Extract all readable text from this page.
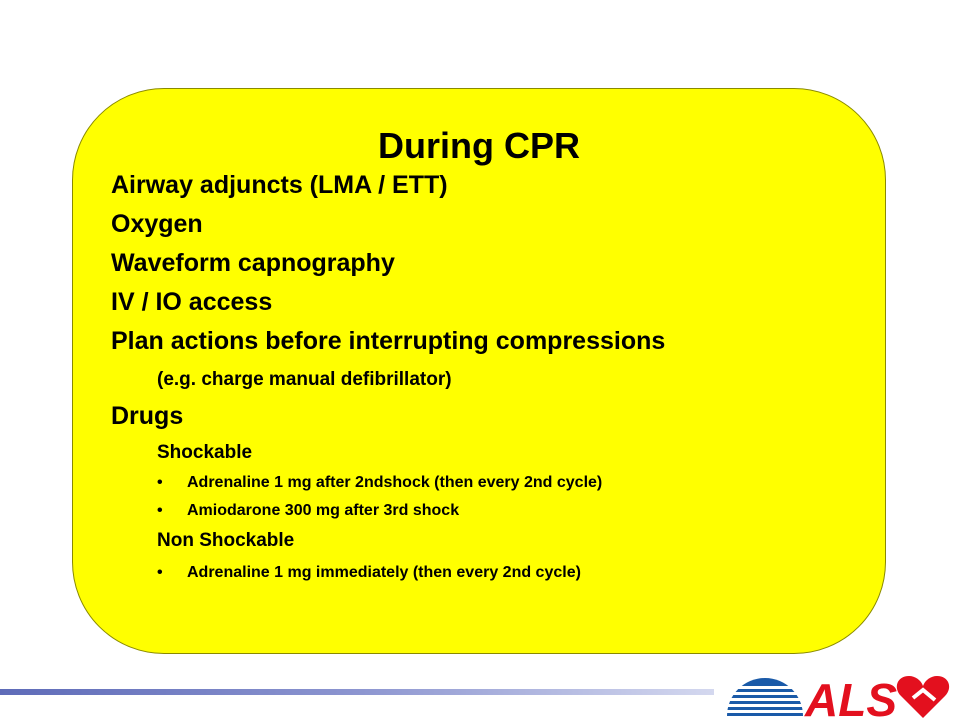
During CPR
Airway adjuncts (LMA / ETT)
Oxygen
Waveform capnography
IV / IO access
Plan actions before interrupting compressions
(e.g. charge manual defibrillator)
Drugs
Shockable
• Adrenaline 1 mg after 2ndshock (then every 2nd cycle)
• Amiodarone 300 mg after 3rd shock
Non Shockable
• Adrenaline 1 mg immediately (then every 2nd cycle)
ALS
